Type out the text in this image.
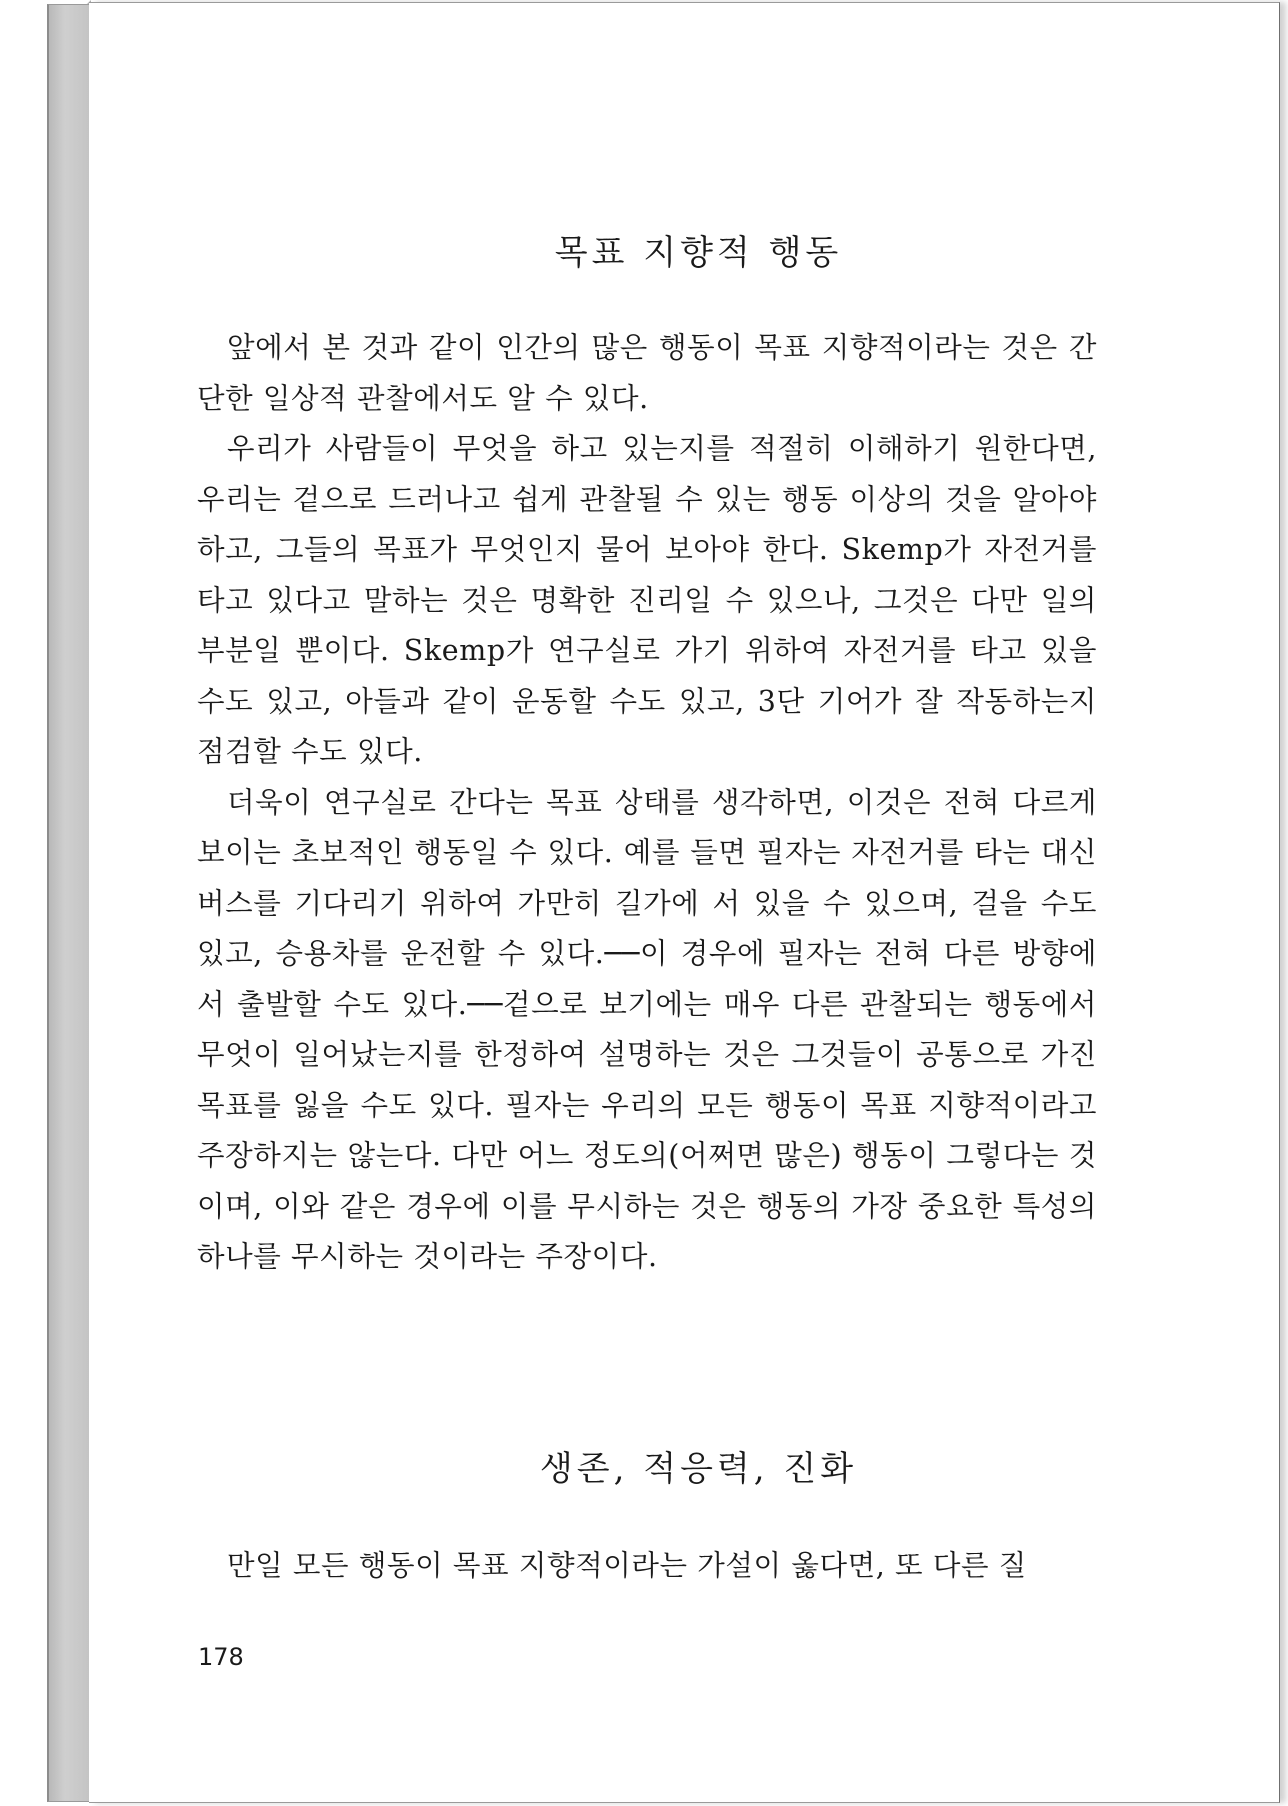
목표 지향적 행동

앞에서 본 것과 같이 인간의 많은 행동이 목표 지향적이라는 것은 간단한 일상적 관찰에서도 알 수 있다.

우리가 사람들이 무엇을 하고 있는지를 적절히 이해하기 원한다면, 우리는 겉으로 드러나고 쉽게 관찰될 수 있는 행동 이상의 것을 알아야 하고, 그들의 목표가 무엇인지 물어 보아야 한다. Skemp가 자전거를 타고 있다고 말하는 것은 명확한 진리일 수 있으나, 그것은 다만 일의 부분일 뿐이다. Skemp가 연구실로 가기 위하여 자전거를 타고 있을 수도 있고, 아들과 같이 운동할 수도 있고, 3단 기어가 잘 작동하는지 점검할 수도 있다.

더욱이 연구실로 간다는 목표 상태를 생각하면, 이것은 전혀 다르게 보이는 초보적인 행동일 수 있다. 예를 들면 필자는 자전거를 타는 대신 버스를 기다리기 위하여 가만히 길가에 서 있을 수 있으며, 걸을 수도 있고, 승용차를 운전할 수 있다.──이 경우에 필자는 전혀 다른 방향에서 출발할 수도 있다.──겉으로 보기에는 매우 다른 관찰되는 행동에서 무엇이 일어났는지를 한정하여 설명하는 것은 그것들이 공통으로 가진 목표를 잃을 수도 있다. 필자는 우리의 모든 행동이 목표 지향적이라고 주장하지는 않는다. 다만 어느 정도의(어쩌면 많은) 행동이 그렇다는 것이며, 이와 같은 경우에 이를 무시하는 것은 행동의 가장 중요한 특성의 하나를 무시하는 것이라는 주장이다.

생존, 적응력, 진화

만일 모든 행동이 목표 지향적이라는 가설이 옳다면, 또 다른 질

178
